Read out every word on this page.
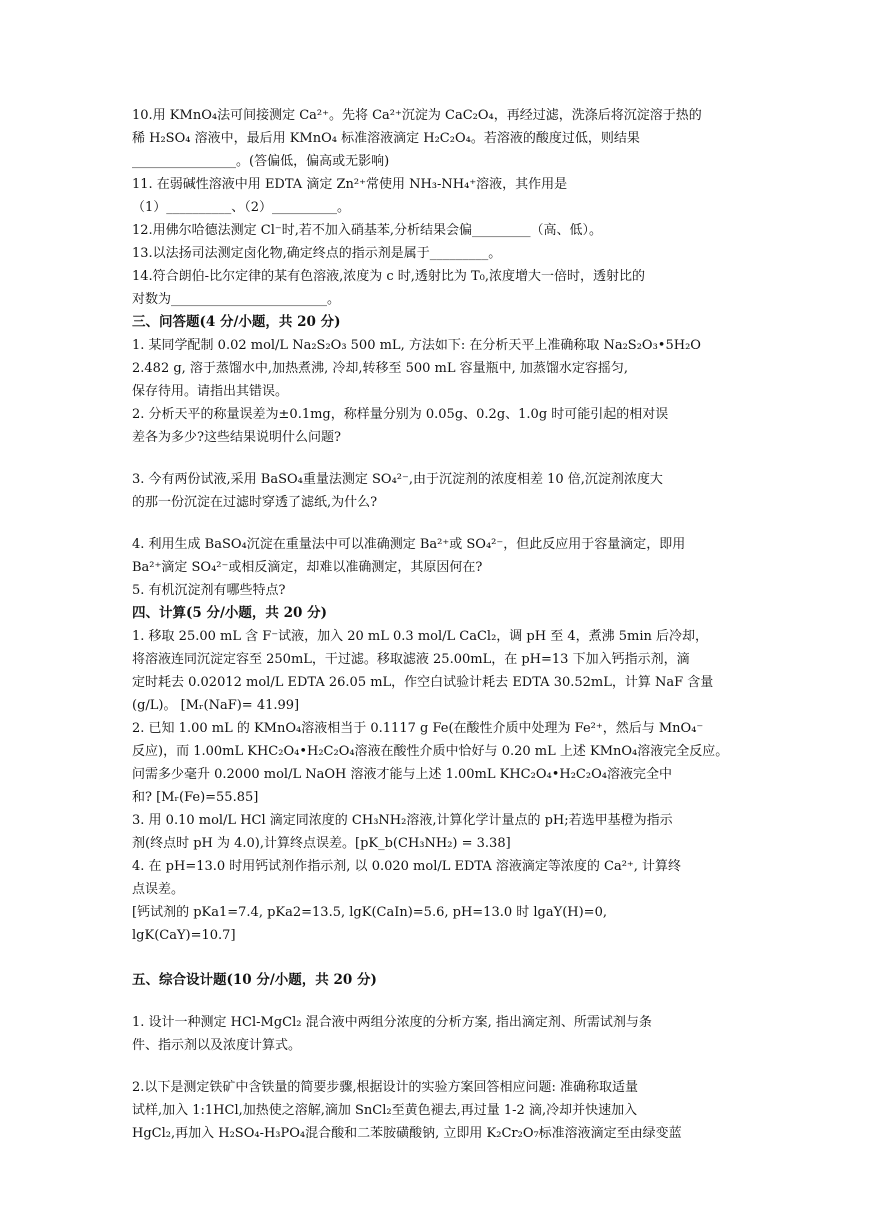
10.用 KMnO₄法可间接测定 Ca²⁺。先将 Ca²⁺沉淀为 CaC₂O₄，再经过滤，洗涤后将沉淀溶于热的
稀 H₂SO₄ 溶液中，最后用 KMnO₄ 标准溶液滴定 H₂C₂O₄。若溶液的酸度过低，则结果
________________。(答偏低，偏高或无影响)
11. 在弱碱性溶液中用 EDTA 滴定 Zn²⁺常使用 NH₃-NH₄⁺溶液，其作用是
（1）__________、（2）__________。
12.用佛尔哈德法测定 Cl⁻时,若不加入硝基苯,分析结果会偏_________（高、低）。
13.以法扬司法测定卤化物,确定终点的指示剂是属于_________。
14.符合朗伯-比尔定律的某有色溶液,浓度为 c 时,透射比为 T₀,浓度增大一倍时，透射比的
对数为________________________。
三、问答题(4 分/小题，共 20 分)
1. 某同学配制 0.02 mol/L Na₂S₂O₃ 500 mL, 方法如下: 在分析天平上准确称取 Na₂S₂O₃•5H₂O
2.482 g, 溶于蒸馏水中,加热煮沸, 冷却,转移至 500 mL 容量瓶中, 加蒸馏水定容摇匀,
保存待用。请指出其错误。
2. 分析天平的称量误差为±0.1mg，称样量分别为 0.05g、0.2g、1.0g 时可能引起的相对误
差各为多少?这些结果说明什么问题?
3. 今有两份试液,采用 BaSO₄重量法测定 SO₄²⁻,由于沉淀剂的浓度相差 10 倍,沉淀剂浓度大
的那一份沉淀在过滤时穿透了滤纸,为什么?
4. 利用生成 BaSO₄沉淀在重量法中可以准确测定 Ba²⁺或 SO₄²⁻，但此反应用于容量滴定，即用
Ba²⁺滴定 SO₄²⁻或相反滴定，却难以准确测定，其原因何在?
5. 有机沉淀剂有哪些特点?
四、计算(5 分/小题，共 20 分)
1. 移取 25.00 mL 含 F⁻试液，加入 20 mL 0.3 mol/L CaCl₂，调 pH 至 4，煮沸 5min 后冷却，
将溶液连同沉淀定容至 250mL，干过滤。移取滤液 25.00mL，在 pH=13 下加入钙指示剂，滴
定时耗去 0.02012 mol/L EDTA 26.05 mL，作空白试验计耗去 EDTA 30.52mL，计算 NaF 含量
(g/L)。 [Mᵣ(NaF)= 41.99]
2. 已知 1.00 mL 的 KMnO₄溶液相当于 0.1117 g Fe(在酸性介质中处理为 Fe²⁺，然后与 MnO₄⁻
反应)，而 1.00mL KHC₂O₄•H₂C₂O₄溶液在酸性介质中恰好与 0.20 mL 上述 KMnO₄溶液完全反应。
问需多少毫升 0.2000 mol/L NaOH 溶液才能与上述 1.00mL KHC₂O₄•H₂C₂O₄溶液完全中
和? [Mᵣ(Fe)=55.85]
3. 用 0.10 mol/L HCl 滴定同浓度的 CH₃NH₂溶液,计算化学计量点的 pH;若选甲基橙为指示
剂(终点时 pH 为 4.0),计算终点误差。[pK_b(CH₃NH₂) = 3.38]
4. 在 pH=13.0 时用钙试剂作指示剂, 以 0.020 mol/L EDTA 溶液滴定等浓度的 Ca²⁺, 计算终
点误差。
[钙试剂的 pKa1=7.4, pKa2=13.5, lgK(CaIn)=5.6, pH=13.0 时 lgaY(H)=0,
lgK(CaY)=10.7]
五、综合设计题(10 分/小题，共 20 分)
1. 设计一种测定 HCl-MgCl₂ 混合液中两组分浓度的分析方案, 指出滴定剂、所需试剂与条
件、指示剂以及浓度计算式。
2.以下是测定铁矿中含铁量的简要步骤,根据设计的实验方案回答相应问题: 准确称取适量
试样,加入 1:1HCl,加热使之溶解,滴加 SnCl₂至黄色褪去,再过量 1-2 滴,冷却并快速加入
HgCl₂,再加入 H₂SO₄-H₃PO₄混合酸和二苯胺磺酸钠, 立即用 K₂Cr₂O₇标准溶液滴定至由绿变蓝
